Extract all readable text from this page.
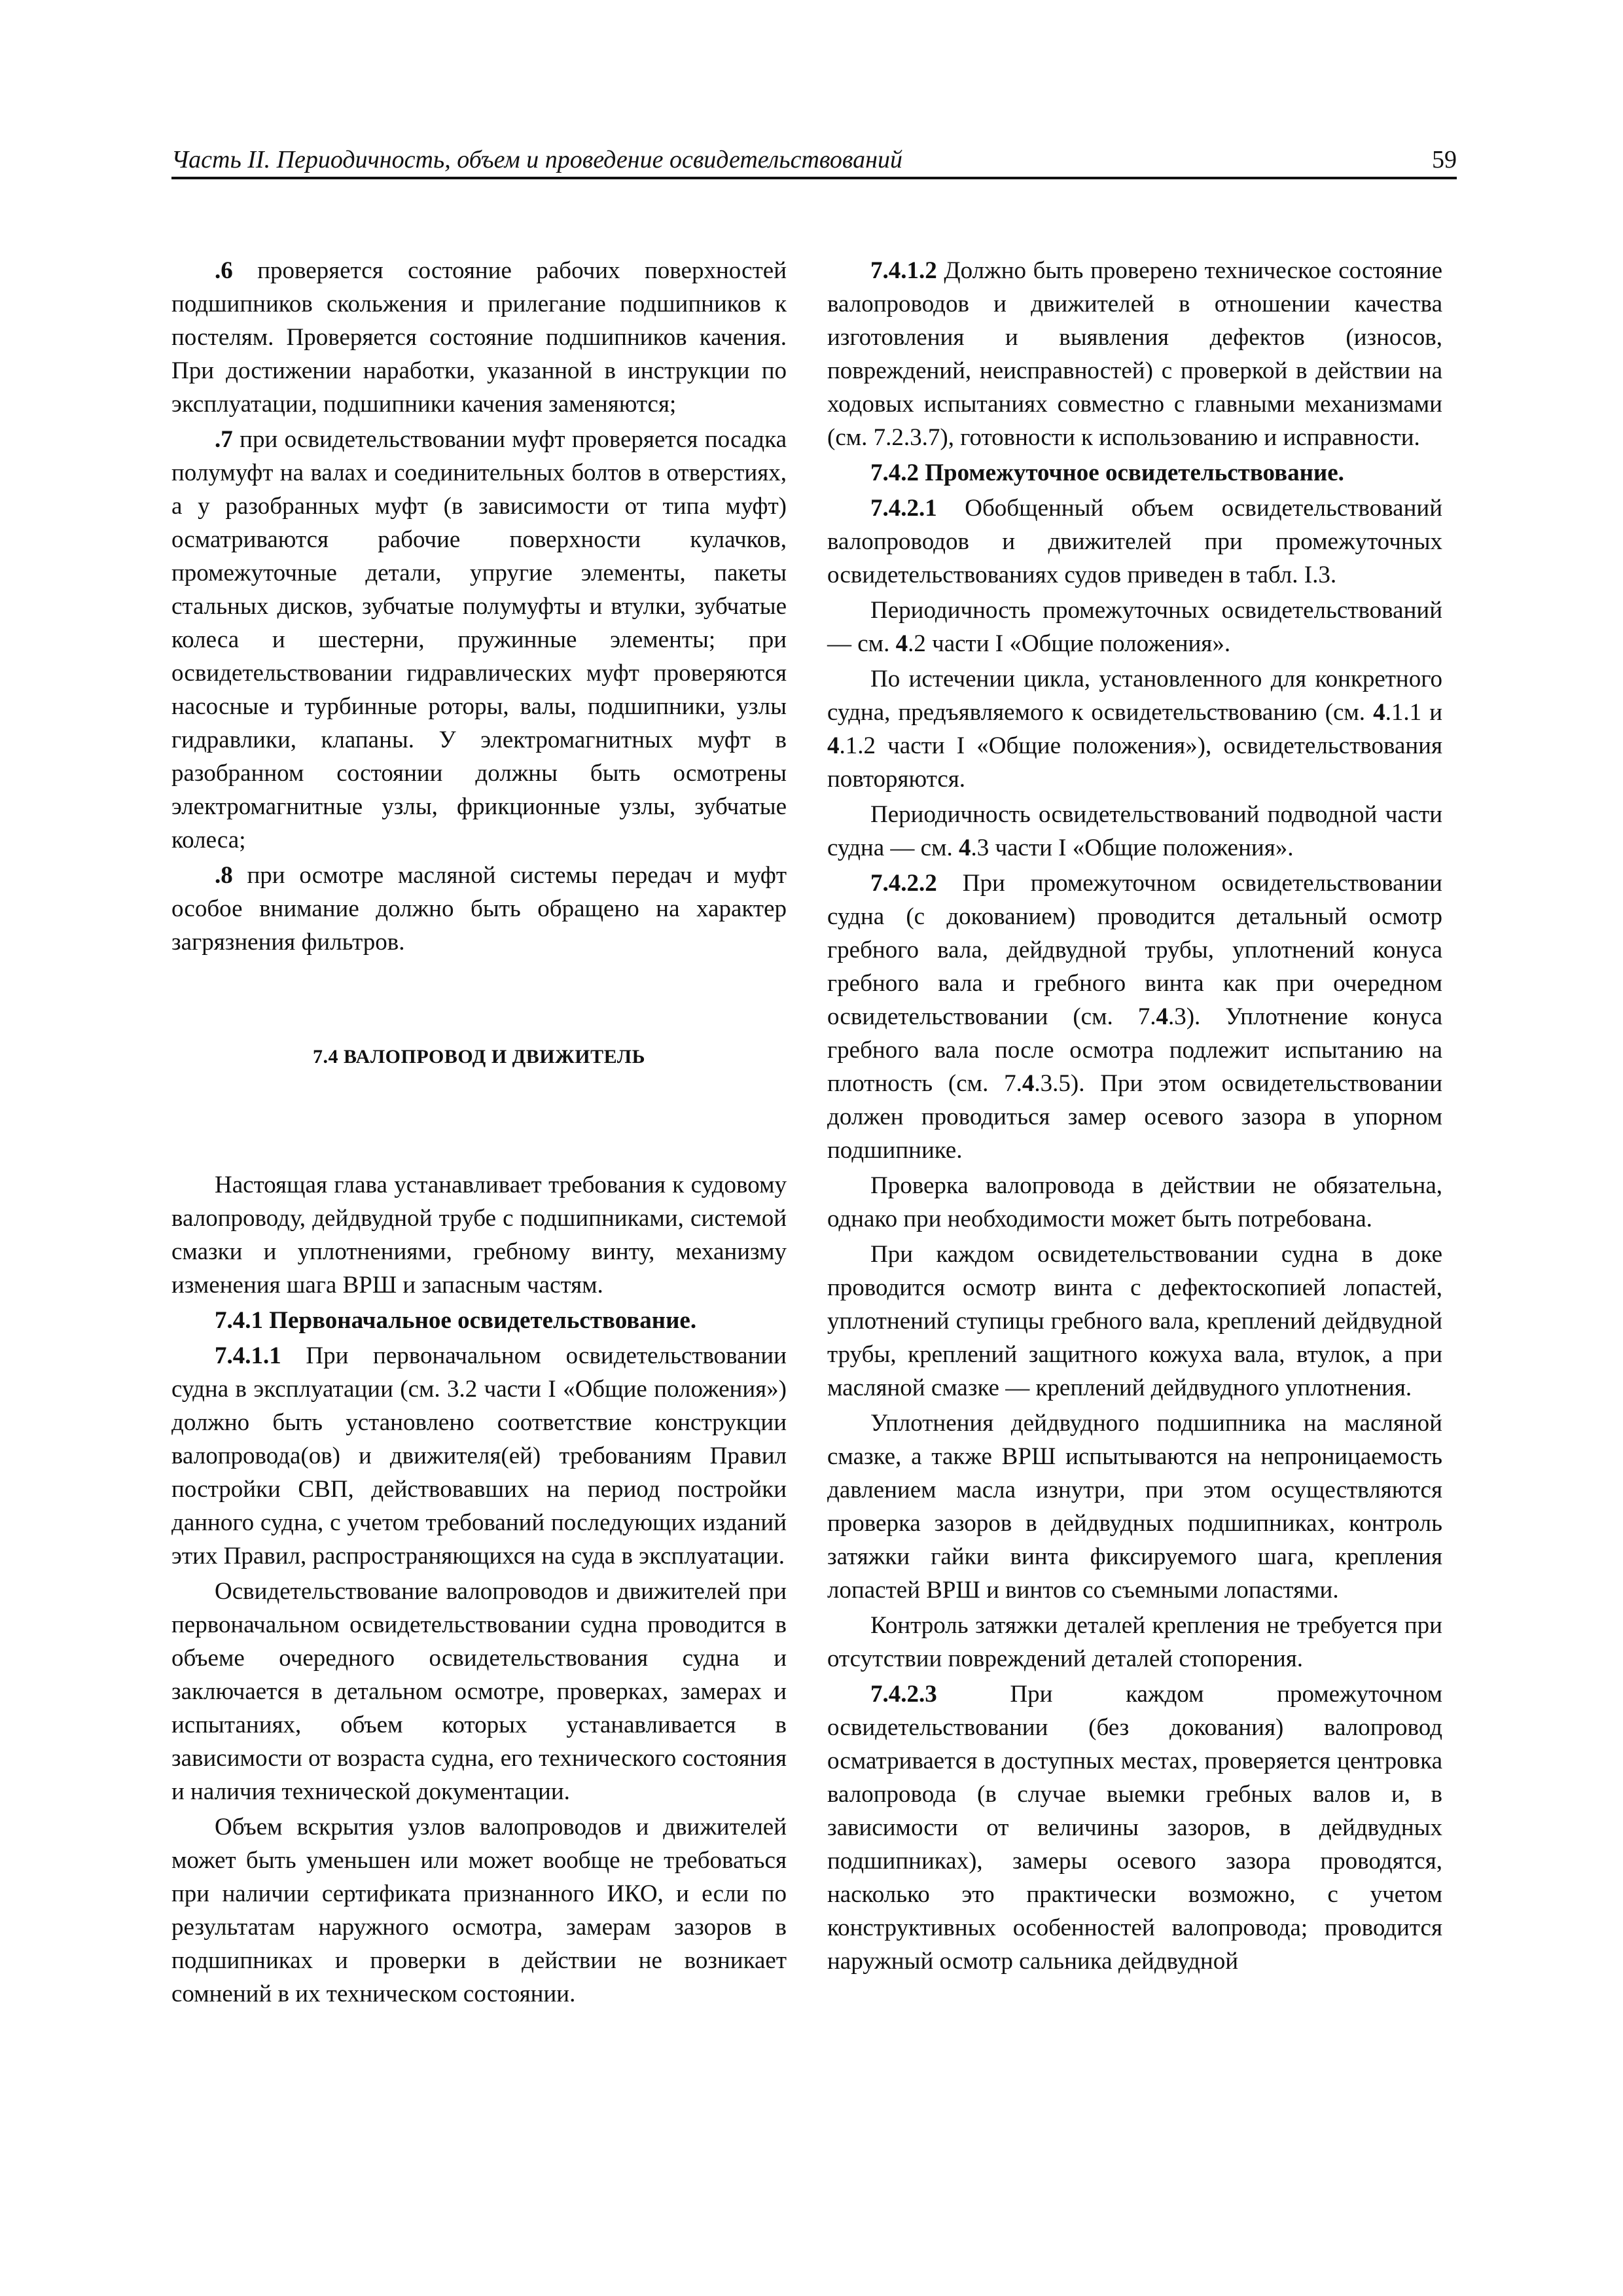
Часть II. Периодичность, объем и проведение освидетельствований	59

.6 проверяется состояние рабочих поверхностей подшипников скольжения и прилегание подшипников к постелям. Проверяется состояние подшипников качения. При достижении наработки, указанной в инструкции по эксплуатации, подшипники качения заменяются;

.7 при освидетельствовании муфт проверяется посадка полумуфт на валах и соединительных болтов в отверстиях, а у разобранных муфт (в зависимости от типа муфт) осматриваются рабочие поверхности кулачков, промежуточные детали, упругие элементы, пакеты стальных дисков, зубчатые полумуфты и втулки, зубчатые колеса и шестерни, пружинные элементы; при освидетельствовании гидравлических муфт проверяются насосные и турбинные роторы, валы, подшипники, узлы гидравлики, клапаны. У электромагнитных муфт в разобранном состоянии должны быть осмотрены электромагнитные узлы, фрикционные узлы, зубчатые колеса;

.8 при осмотре масляной системы передач и муфт особое внимание должно быть обращено на характер загрязнения фильтров.

7.4 ВАЛОПРОВОД И ДВИЖИТЕЛЬ

Настоящая глава устанавливает требования к судовому валопроводу, дейдвудной трубе с подшипниками, системой смазки и уплотнениями, гребному винту, механизму изменения шага ВРШ и запасным частям.

7.4.1 Первоначальное освидетельствование.

7.4.1.1 При первоначальном освидетельствовании судна в эксплуатации (см. 3.2 части I «Общие положения») должно быть установлено соответствие конструкции валопровода(ов) и движителя(ей) требованиям Правил постройки СВП, действовавших на период постройки данного судна, с учетом требований последующих изданий этих Правил, распространяющихся на суда в эксплуатации.

Освидетельствование валопроводов и движителей при первоначальном освидетельствовании судна проводится в объеме очередного освидетельствования судна и заключается в детальном осмотре, проверках, замерах и испытаниях, объем которых устанавливается в зависимости от возраста судна, его технического состояния и наличия технической документации.

Объем вскрытия узлов валопроводов и движителей может быть уменьшен или может вообще не требоваться при наличии сертификата признанного ИКО, и если по результатам наружного осмотра, замерам зазоров в подшипниках и проверки в действии не возникает сомнений в их техническом состоянии.

7.4.1.2 Должно быть проверено техническое состояние валопроводов и движителей в отношении качества изготовления и выявления дефектов (износов, повреждений, неисправностей) с проверкой в действии на ходовых испытаниях совместно с главными механизмами (см. 7.2.3.7), готовности к использованию и исправности.

7.4.2 Промежуточное освидетельствование.

7.4.2.1 Обобщенный объем освидетельствований валопроводов и движителей при промежуточных освидетельствованиях судов приведен в табл. I.3.

Периодичность промежуточных освидетельствований — см. 4.2 части I «Общие положения».

По истечении цикла, установленного для конкретного судна, предъявляемого к освидетельствованию (см. 4.1.1 и 4.1.2 части I «Общие положения»), освидетельствования повторяются.

Периодичность освидетельствований подводной части судна — см. 4.3 части I «Общие положения».

7.4.2.2 При промежуточном освидетельствовании судна (с докованием) проводится детальный осмотр гребного вала, дейдвудной трубы, уплотнений конуса гребного вала и гребного винта как при очередном освидетельствовании (см. 7.4.3). Уплотнение конуса гребного вала после осмотра подлежит испытанию на плотность (см. 7.4.3.5). При этом освидетельствовании должен проводиться замер осевого зазора в упорном подшипнике.

Проверка валопровода в действии не обязательна, однако при необходимости может быть потребована.

При каждом освидетельствовании судна в доке проводится осмотр винта с дефектоскопией лопастей, уплотнений ступицы гребного вала, креплений дейдвудной трубы, креплений защитного кожуха вала, втулок, а при масляной смазке — креплений дейдвудного уплотнения.

Уплотнения дейдвудного подшипника на масляной смазке, а также ВРШ испытываются на непроницаемость давлением масла изнутри, при этом осуществляются проверка зазоров в дейдвудных подшипниках, контроль затяжки гайки винта фиксируемого шага, крепления лопастей ВРШ и винтов со съемными лопастями.

Контроль затяжки деталей крепления не требуется при отсутствии повреждений деталей стопорения.

7.4.2.3 При каждом промежуточном освидетельствовании (без докования) валопровод осматривается в доступных местах, проверяется центровка валопровода (в случае выемки гребных валов и, в зависимости от величины зазоров, в дейдвудных подшипниках), замеры осевого зазора проводятся, насколько это практически возможно, с учетом конструктивных особенностей валопровода; проводится наружный осмотр сальника дейдвудной
